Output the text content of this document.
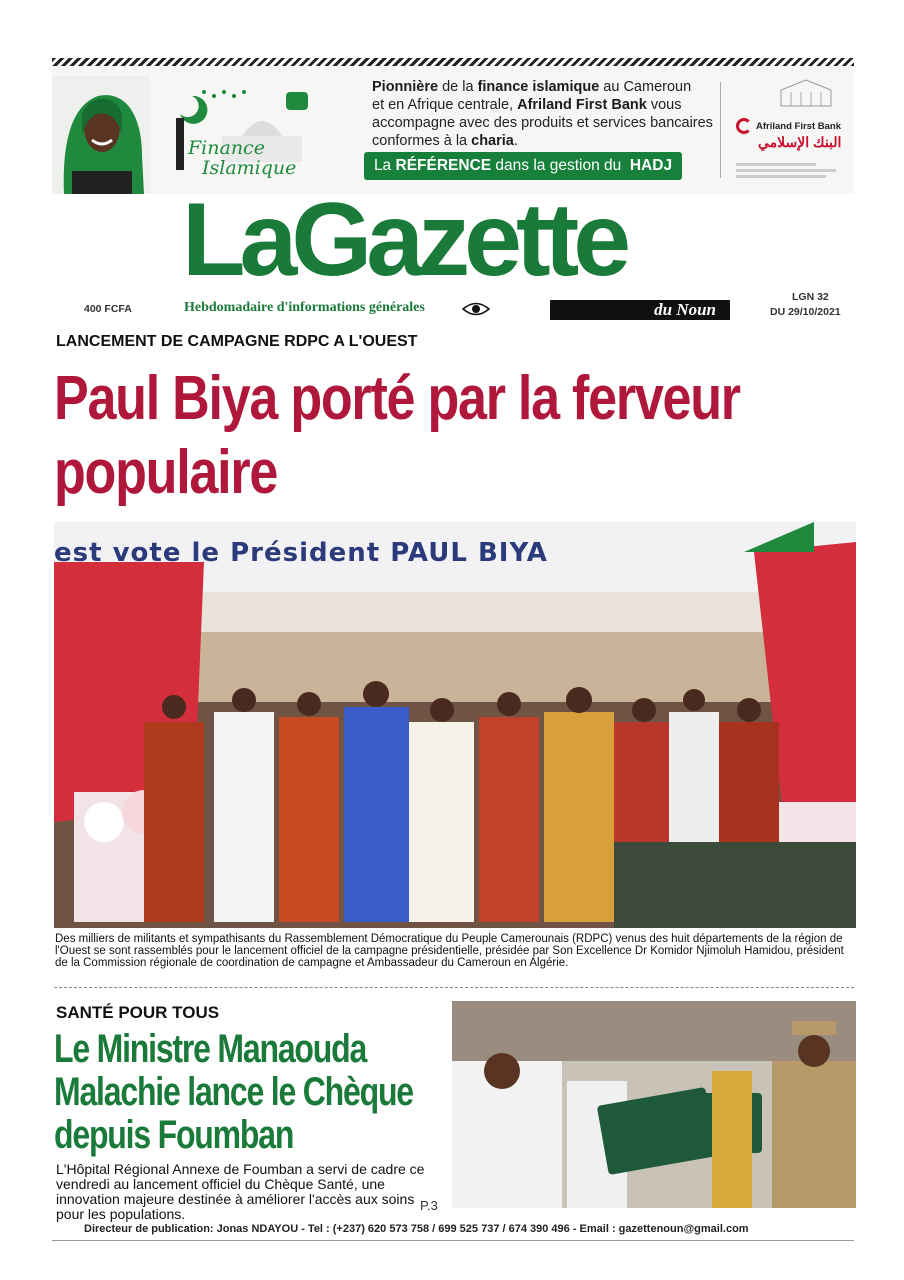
Finance
Islamique
Pionnière de la finance islamique au Cameroun
et en Afrique centrale, Afriland First Bank vous
accompagne avec des produits et services bancaires
conformes à la charia.
La
RÉFÉRENCE dans la gestion du
HADJ
Afriland First Bank
البنك الإسلامي
400 FCFA
LGN 32
DU 29/10/2021
LaGazette
Hebdomadaire d'informations générales	du Noun
LANCEMENT DE CAMPAGNE RDPC A L'OUEST
Paul Biya porté par la ferveur
populaire
est vote le Président PAUL BIYA
Des milliers de militants et sympathisants du Rassemblement Démocratique du Peuple Camerounais (RDPC) venus des huit départements de la région de l'Ouest se sont rassemblés pour le lancement officiel de la campagne présidentielle, présidée par Son Excellence Dr Komidor Njimoluh Hamidou, président de la Commission régionale de coordination de campagne et Ambassadeur du Cameroun en Algérie.
SANTÉ POUR TOUS
Le Ministre Manaouda
Malachie lance le Chèque
depuis Foumban
L'Hôpital Régional Annexe de Foumban a servi de cadre ce vendredi au lancement officiel du Chèque Santé, une innovation majeure destinée à améliorer l'accès aux soins pour les populations.
P.3
Directeur de publication: Jonas NDAYOU - Tel : (+237) 620 573 758 / 699 525 737 / 674 390 496 - Email : gazettenoun@gmail.com
